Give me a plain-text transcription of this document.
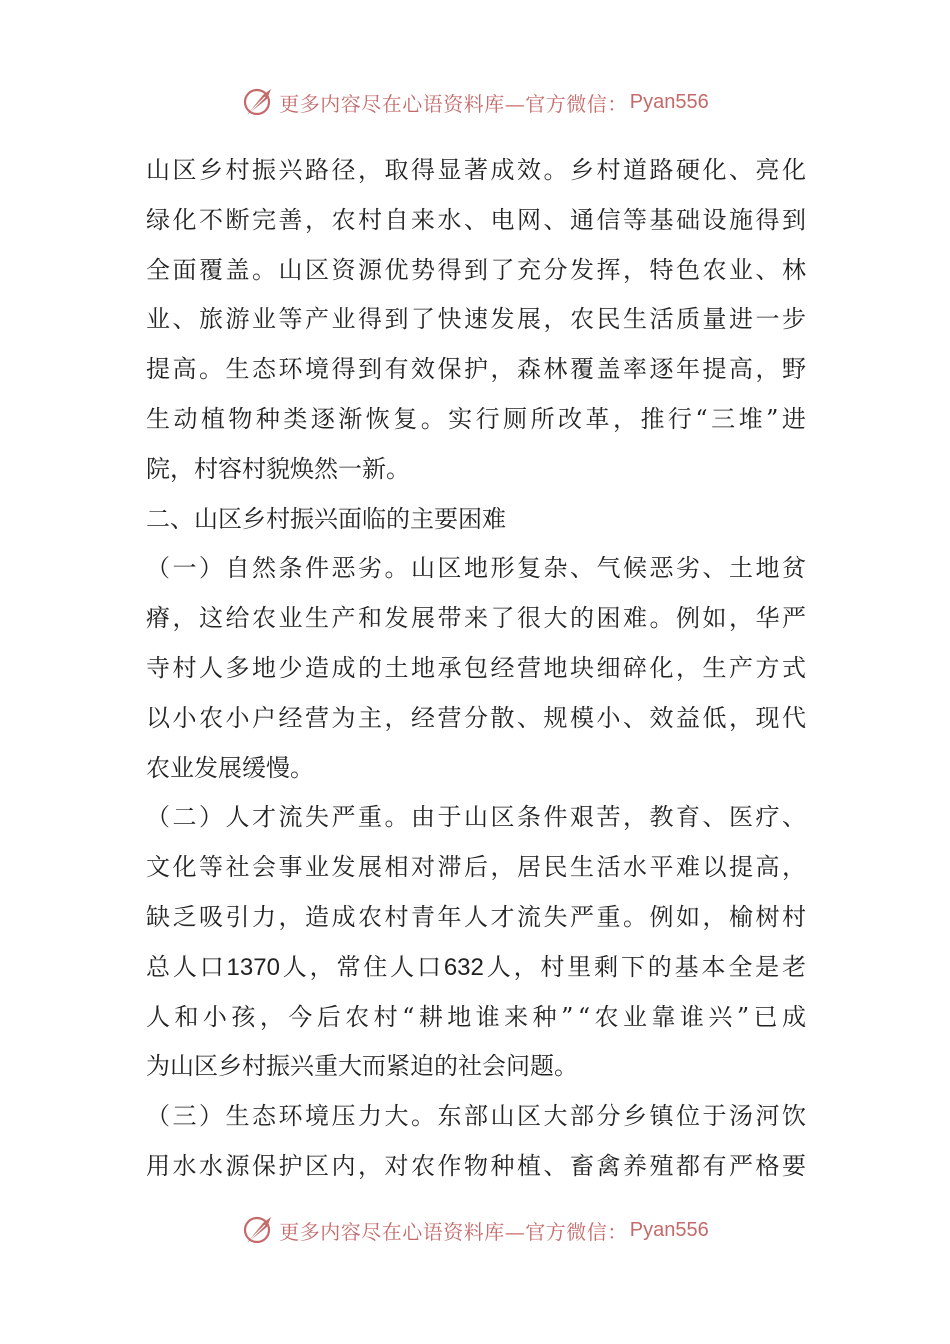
更多内容尽在心语资料库—官方微信： Pyan556
山 区 乡 村 振 兴 路 径 ， 取 得 显 著 成 效 。 乡 村 道 路 硬 化 、 亮 化
绿 化 不 断 完 善 ， 农 村 自 来 水 、 电 网 、 通 信 等 基 础 设 施 得 到
全 面 覆 盖 。 山 区 资 源 优 势 得 到 了 充 分 发 挥 ， 特 色 农 业 、 林
业 、 旅 游 业 等 产 业 得 到 了 快 速 发 展 ， 农 民 生 活 质 量 进 一 步
提 高 。 生 态 环 境 得 到 有 效 保 护 ， 森 林 覆 盖 率 逐 年 提 高 ， 野
生 动 植 物 种 类 逐 渐 恢 复 。 实 行 厕 所 改 革 ， 推 行 “ 三 堆 ” 进
院，村容村貌焕然一新。
二、山区乡村振兴面临的主要困难
（ 一 ） 自 然 条 件 恶 劣 。 山 区 地 形 复 杂 、 气 候 恶 劣 、 土 地 贫
瘠 ， 这 给 农 业 生 产 和 发 展 带 来 了 很 大 的 困 难 。 例 如 ， 华 严
寺 村 人 多 地 少 造 成 的 土 地 承 包 经 营 地 块 细 碎 化 ， 生 产 方 式
以 小 农 小 户 经 营 为 主 ， 经 营 分 散 、 规 模 小 、 效 益 低 ， 现 代
农业发展缓慢。
（ 二 ） 人 才 流 失 严 重 。 由 于 山 区 条 件 艰 苦 ， 教 育 、 医 疗 、
文 化 等 社 会 事 业 发 展 相 对 滞 后 ， 居 民 生 活 水 平 难 以 提 高 ，
缺 乏 吸 引 力 ， 造 成 农 村 青 年 人 才 流 失 严 重 。 例 如 ， 榆 树 村
总 人 口 1370 人 ， 常 住 人 口 632 人 ， 村 里 剩 下 的 基 本 全 是 老
人 和 小 孩 ， 今 后 农 村 “ 耕 地 谁 来 种 ” “ 农 业 靠 谁 兴 ” 已 成
为山区乡村振兴重大而紧迫的社会问题。
（ 三 ） 生 态 环 境 压 力 大 。 东 部 山 区 大 部 分 乡 镇 位 于 汤 河 饮
用 水 水 源 保 护 区 内 ， 对 农 作 物 种 植 、 畜 禽 养 殖 都 有 严 格 要
更多内容尽在心语资料库—官方微信： Pyan556
